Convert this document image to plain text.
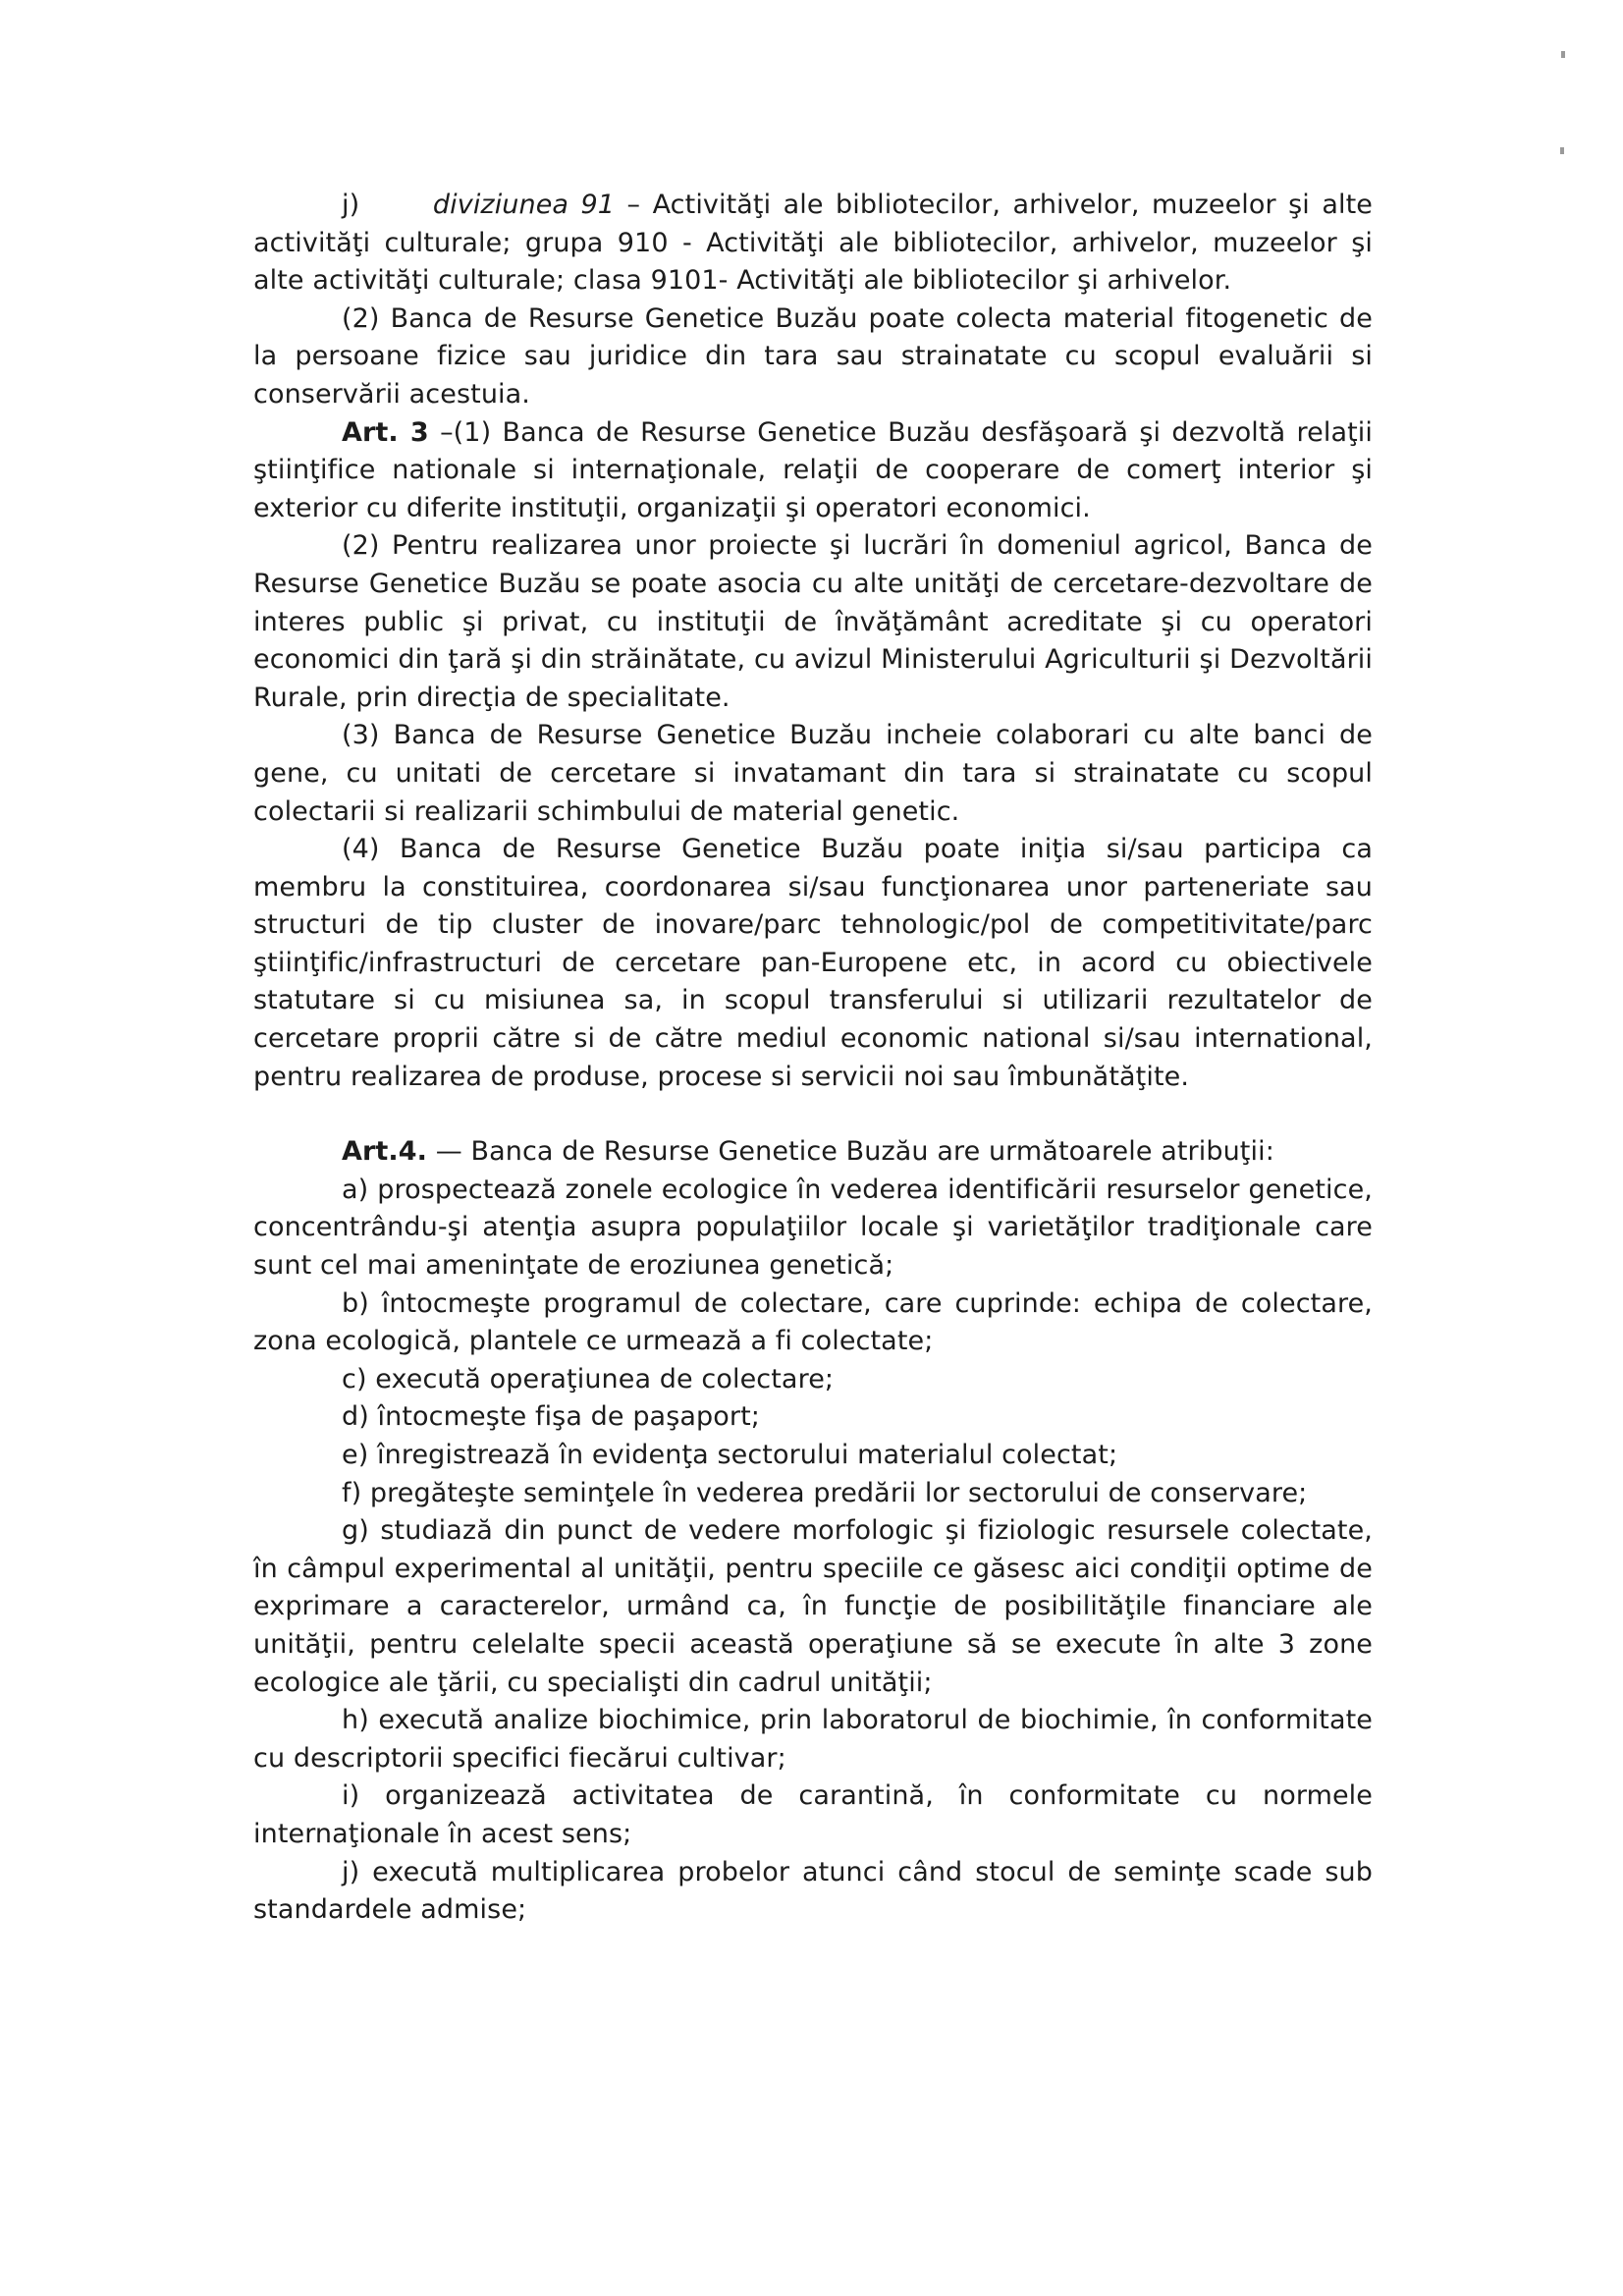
j)	diviziunea 91 – Activităţi ale bibliotecilor, arhivelor, muzeelor şi alte activităţi culturale; grupa 910 - Activităţi ale bibliotecilor, arhivelor, muzeelor şi alte activităţi culturale; clasa 9101- Activităţi ale bibliotecilor şi arhivelor.

(2) Banca de Resurse Genetice Buzău poate colecta material fitogenetic de la persoane fizice sau juridice din tara sau strainatate cu scopul evaluării si conservării acestuia.

Art. 3 –(1) Banca de Resurse Genetice Buzău desfăşoară şi dezvoltă relaţii ştiinţifice nationale si internaţionale, relaţii de cooperare de comerţ interior şi exterior cu diferite instituţii, organizaţii şi operatori economici.

(2) Pentru realizarea unor proiecte şi lucrări în domeniul agricol, Banca de Resurse Genetice Buzău se poate asocia cu alte unităţi de cercetare-dezvoltare de interes public şi privat, cu instituţii de învăţământ acreditate şi cu operatori economici din ţară şi din străinătate, cu avizul Ministerului Agriculturii şi Dezvoltării Rurale, prin direcţia de specialitate.

(3) Banca de Resurse Genetice Buzău incheie colaborari cu alte banci de gene, cu unitati de cercetare si invatamant din tara si strainatate cu scopul colectarii si realizarii schimbului de material genetic.

(4) Banca de Resurse Genetice Buzău poate iniţia si/sau participa ca membru la constituirea, coordonarea si/sau funcţionarea unor parteneriate sau structuri de tip cluster de inovare/parc tehnologic/pol de competitivitate/parc ştiinţific/infrastructuri de cercetare pan-Europene etc, in acord cu obiectivele statutare si cu misiunea sa, in scopul transferului si utilizarii rezultatelor de cercetare proprii către si de către mediul economic national si/sau international, pentru realizarea de produse, procese si servicii noi sau îmbunătăţite.

Art.4. — Banca de Resurse Genetice Buzău are următoarele atribuţii:

a) prospectează zonele ecologice în vederea identificării resurselor genetice, concentrându-şi atenţia asupra populaţiilor locale şi varietăţilor tradiţionale care sunt cel mai ameninţate de eroziunea genetică;

b) întocmeşte programul de colectare, care cuprinde: echipa de colectare, zona ecologică, plantele ce urmează a fi colectate;

c) execută operaţiunea de colectare;

d) întocmeşte fişa de paşaport;

e) înregistrează în evidenţa sectorului materialul colectat;

f) pregăteşte seminţele în vederea predării lor sectorului de conservare;

g) studiază din punct de vedere morfologic şi fiziologic resursele colectate, în câmpul experimental al unităţii, pentru speciile ce găsesc aici condiţii optime de exprimare a caracterelor, urmând ca, în funcţie de posibilităţile financiare ale unităţii, pentru celelalte specii această operaţiune să se execute în alte 3 zone ecologice ale ţării, cu specialişti din cadrul unităţii;

h) execută analize biochimice, prin laboratorul de biochimie, în conformitate cu descriptorii specifici fiecărui cultivar;

i) organizează activitatea de carantină, în conformitate cu normele internaţionale în acest sens;

j) execută multiplicarea probelor atunci când stocul de seminţe scade sub standardele admise;
